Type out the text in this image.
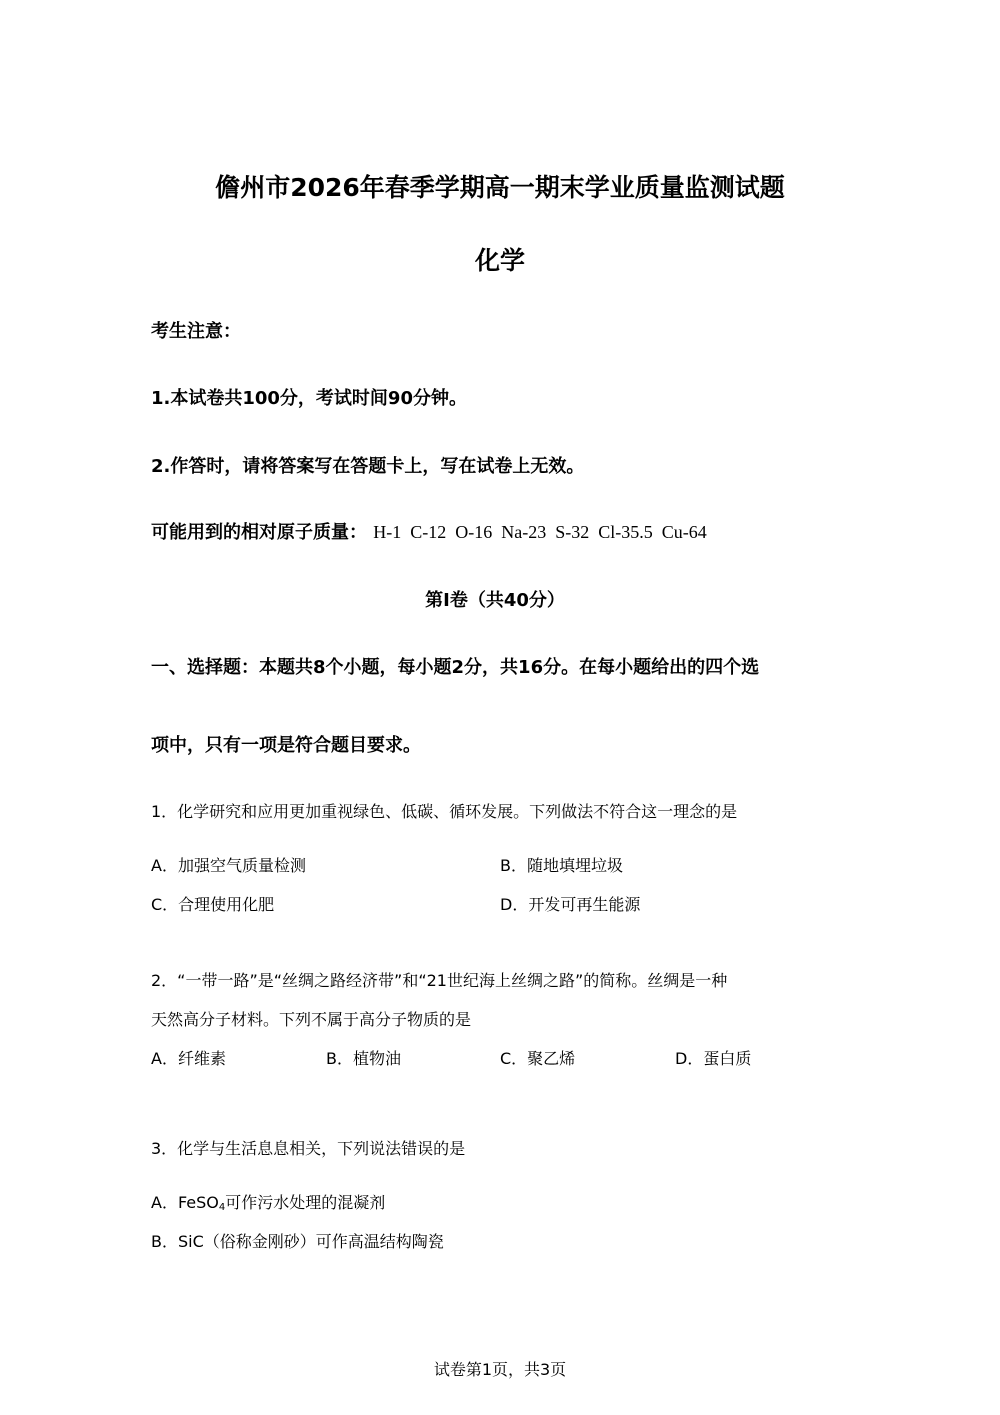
儋州市2026年春季学期高一期末学业质量监测试题
化学
考生注意：
1.本试卷共100分，考试时间90分钟。
2.作答时，请将答案写在答题卡上，写在试卷上无效。
可能用到的相对原子质量： H-1  C-12  O-16  Na-23  S-32  Cl-35.5  Cu-64
第Ⅰ卷（共40分）
一、选择题：本题共8个小题，每小题2分，共16分。在每小题给出的四个选
项中，只有一项是符合题目要求。
1．化学研究和应用更加重视绿色、低碳、循环发展。下列做法不符合这一理念的是
A．加强空气质量检测	B．随地填埋垃圾
C．合理使用化肥	D．开发可再生能源
2．“一带一路”是“丝绸之路经济带”和“21世纪海上丝绸之路”的简称。丝绸是一种
天然高分子材料。下列不属于高分子物质的是
A．纤维素	B．植物油	C．聚乙烯	D．蛋白质
3．化学与生活息息相关，下列说法错误的是
A．FeSO$_4$可作污水处理的混凝剂
B．SiC（俗称金刚砂）可作高温结构陶瓷
试卷第1页，共3页
